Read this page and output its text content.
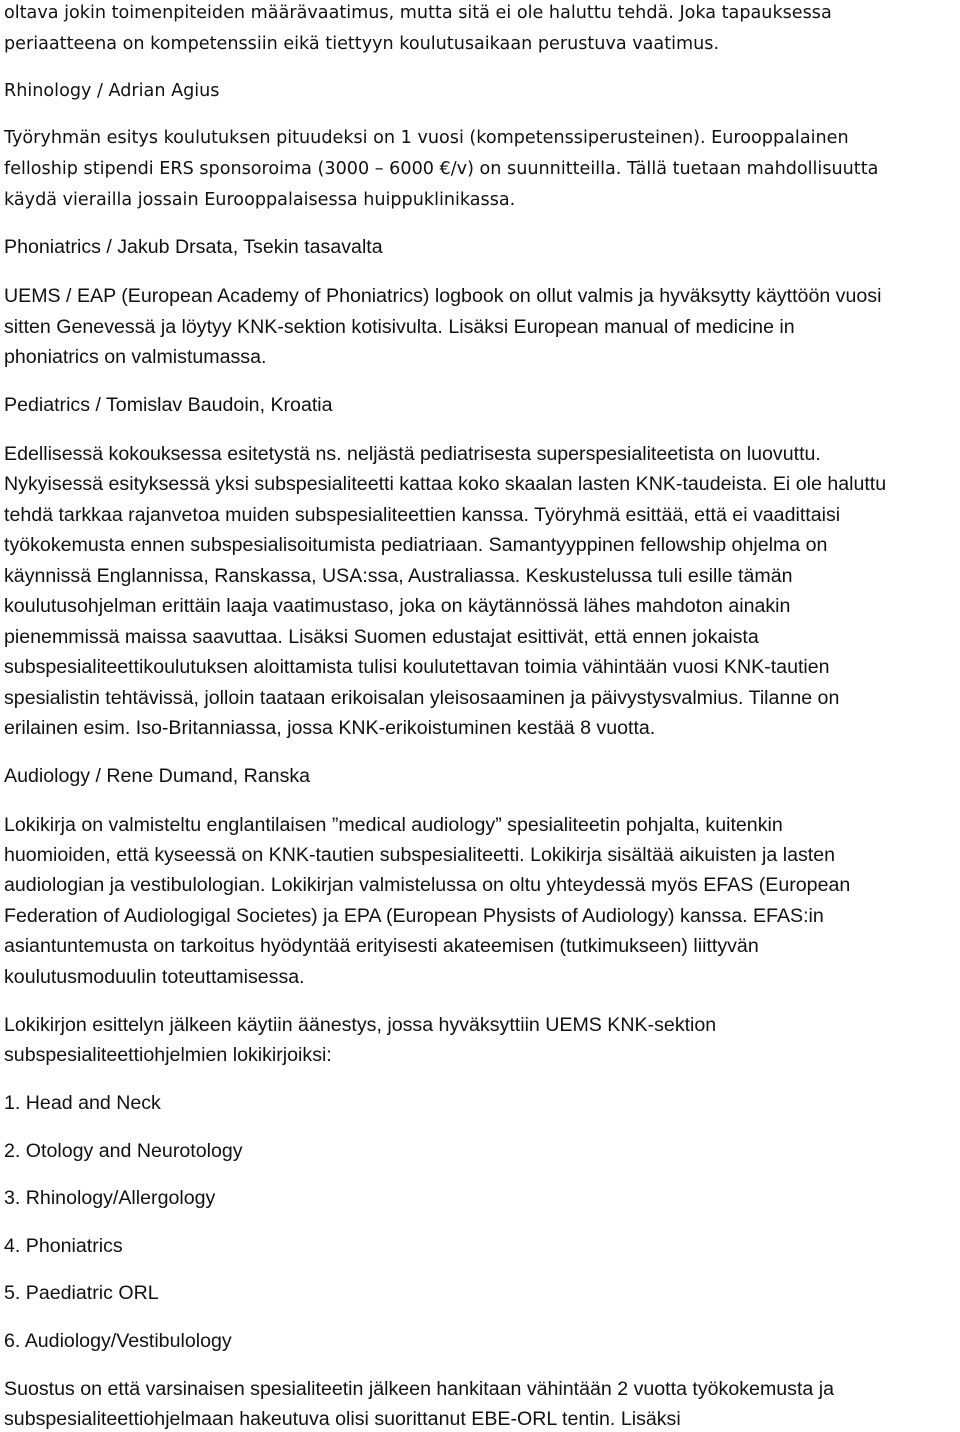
oltava jokin toimenpiteiden määrävaatimus, mutta sitä ei ole haluttu tehdä. Joka tapauksessa
periaatteena on kompetenssiin eikä tiettyyn koulutusaikaan perustuva vaatimus.
Rhinology / Adrian Agius
Työryhmän esitys koulutuksen pituudeksi on 1 vuosi (kompetenssiperusteinen). Eurooppalainen
felloship stipendi ERS sponsoroima (3000 – 6000 €/v) on suunnitteilla. Tällä tuetaan mahdollisuutta
käydä vierailla jossain Eurooppalaisessa huippuklinikassa.
Phoniatrics / Jakub Drsata, Tsekin tasavalta
UEMS / EAP (European Academy of Phoniatrics) logbook on ollut valmis ja hyväksytty käyttöön vuosi
sitten Genevessä ja löytyy KNK-sektion kotisivulta. Lisäksi European manual of medicine in
phoniatrics on valmistumassa.
Pediatrics / Tomislav Baudoin, Kroatia
Edellisessä kokouksessa esitetystä ns. neljästä pediatrisesta superspesialiteetista on luovuttu.
Nykyisessä esityksessä yksi subspesialiteetti kattaa koko skaalan lasten KNK-taudeista. Ei ole haluttu
tehdä tarkkaa rajanvetoa muiden subspesialiteettien kanssa. Työryhmä esittää, että ei vaadittaisi
työkokemusta ennen subspesialisoitumista pediatriaan. Samantyyppinen fellowship ohjelma on
käynnissä Englannissa, Ranskassa, USA:ssa, Australiassa. Keskustelussa tuli esille tämän
koulutusohjelman erittäin laaja vaatimustaso, joka on käytännössä lähes mahdoton ainakin
pienemmissä maissa saavuttaa. Lisäksi Suomen edustajat esittivät, että ennen jokaista
subspesialiteettikoulutuksen aloittamista tulisi koulutettavan toimia vähintään vuosi KNK-tautien
spesialistin tehtävissä, jolloin taataan erikoisalan yleisosaaminen ja päivystysvalmius. Tilanne on
erilainen esim. Iso-Britanniassa, jossa KNK-erikoistuminen kestää 8 vuotta.
Audiology / Rene Dumand, Ranska
Lokikirja on valmisteltu englantilaisen ”medical audiology” spesialiteetin pohjalta, kuitenkin
huomioiden, että kyseessä on KNK-tautien subspesialiteetti. Lokikirja sisältää aikuisten ja lasten
audiologian ja vestibulologian. Lokikirjan valmistelussa on oltu yhteydessä myös EFAS (European
Federation of Audiologigal Societes) ja EPA (European Physists of Audiology) kanssa. EFAS:in
asiantuntemusta on tarkoitus hyödyntää erityisesti akateemisen (tutkimukseen) liittyvän
koulutusmoduulin toteuttamisessa.
Lokikirjon esittelyn jälkeen käytiin äänestys, jossa hyväksyttiin UEMS KNK-sektion
subspesialiteettiohjelmien lokikirjoiksi:
1. Head and Neck
2. Otology and Neurotology
3. Rhinology/Allergology
4. Phoniatrics
5. Paediatric ORL
6. Audiology/Vestibulology
Suostus on että varsinaisen spesialiteetin jälkeen hankitaan vähintään 2 vuotta työkokemusta ja
subspesialiteettiohjelmaan hakeutuva olisi suorittanut EBE-ORL tentin. Lisäksi
